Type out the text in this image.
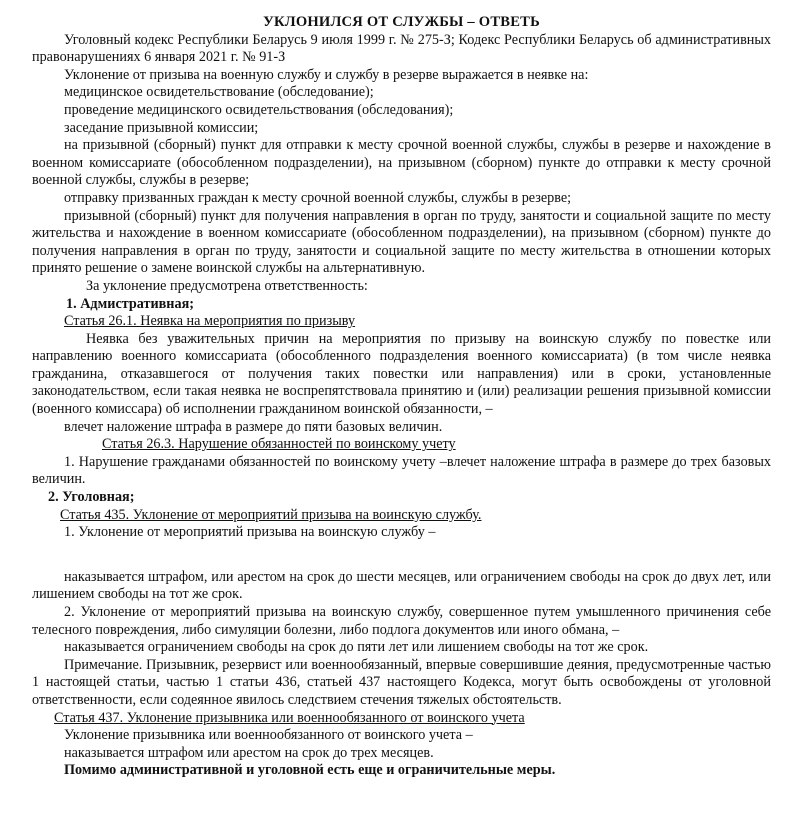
УКЛОНИЛСЯ ОТ СЛУЖБЫ – ОТВЕТЬ

Уголовный кодекс Республики Беларусь 9 июля 1999 г. № 275-З; Кодекс Республики Беларусь об административных правонарушениях 6 января 2021 г. № 91-З

Уклонение от призыва на военную службу и службу в резерве выражается в неявке на:

медицинское освидетельствование (обследование);

проведение медицинского освидетельствования (обследования);

заседание призывной комиссии;

на призывной (сборный) пункт для отправки к месту срочной военной службы, службы в резерве и нахождение в военном комиссариате (обособленном подразделении), на призывном (сборном) пункте до отправки к месту срочной военной службы, службы в резерве;

отправку призванных граждан к месту срочной военной службы, службы в резерве;

призывной (сборный) пункт для получения направления в орган по труду, занятости и социальной защите по месту жительства и нахождение в военном комиссариате (обособленном подразделении), на призывном (сборном) пункте до получения направления в орган по труду, занятости и социальной защите по месту жительства в отношении которых принято решение о замене воинской службы на альтернативную.

За уклонение предусмотрена ответственность:

1. Адмистративная;
Статья 26.1. Неявка на мероприятия по призыву

Неявка без уважительных причин на мероприятия по призыву на воинскую службу по повестке или направлению военного комиссариата (обособленного подразделения военного комиссариата) (в том числе неявка гражданина, отказавшегося от получения таких повестки или направления) или в сроки, установленные законодательством, если такая неявка не воспрепятствовала принятию и (или) реализации решения призывной комиссии (военного комиссара) об исполнении гражданином воинской обязанности, –

влечет наложение штрафа в размере до пяти базовых величин.

Статья 26.3. Нарушение обязанностей по воинскому учету

1. Нарушение гражданами обязанностей по воинскому учету –влечет наложение штрафа в размере до трех базовых величин.

2. Уголовная;
Статья 435. Уклонение от мероприятий призыва на воинскую службу.

1. Уклонение от мероприятий призыва на воинскую службу –

наказывается штрафом, или арестом на срок до шести месяцев, или ограничением свободы на срок до двух лет, или лишением свободы на тот же срок.

2. Уклонение от мероприятий призыва на воинскую службу, совершенное путем умышленного причинения себе телесного повреждения, либо симуляции болезни, либо подлога документов или иного обмана, –

наказывается ограничением свободы на срок до пяти лет или лишением свободы на тот же срок.

Примечание. Призывник, резервист или военнообязанный, впервые совершившие деяния, предусмотренные частью 1 настоящей статьи, частью 1 статьи 436, статьей 437 настоящего Кодекса, могут быть освобождены от уголовной ответственности, если содеянное явилось следствием стечения тяжелых обстоятельств.

Статья 437. Уклонение призывника или военнообязанного от воинского учета

Уклонение призывника или военнообязанного от воинского учета –

наказывается штрафом или арестом на срок до трех месяцев.

Помимо административной и уголовной есть еще и ограничительные меры.
